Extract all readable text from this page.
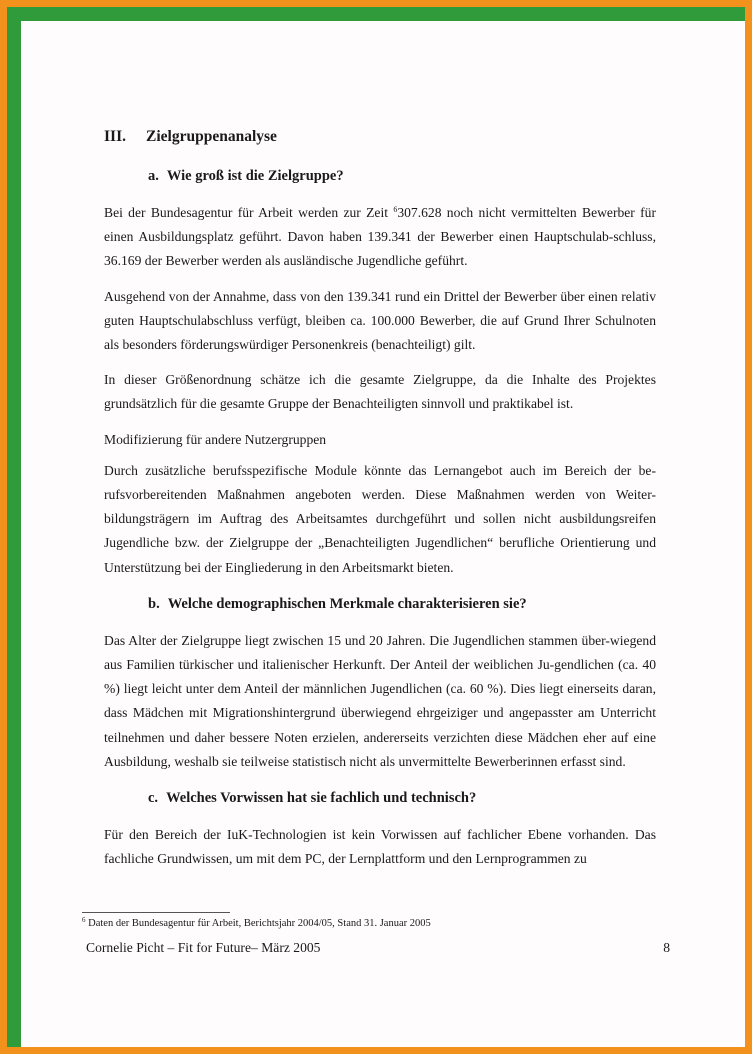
III.	Zielgruppenanalyse
a. Wie groß ist die Zielgruppe?

Bei der Bundesagentur für Arbeit werden zur Zeit $^6$307.628 noch nicht vermittelten Bewerber für einen Ausbildungsplatz geführt. Davon haben 139.341 der Bewerber einen Hauptschulab-schluss, 36.169 der Bewerber werden als ausländische Jugendliche geführt.

Ausgehend von der Annahme, dass von den 139.341 rund ein Drittel der Bewerber über einen relativ guten Hauptschulabschluss verfügt, bleiben ca. 100.000 Bewerber, die auf Grund Ihrer Schulnoten als besonders förderungswürdiger Personenkreis (benachteiligt) gilt.

In dieser Größenordnung schätze ich die gesamte Zielgruppe, da die Inhalte des Projektes grundsätzlich für die gesamte Gruppe der Benachteiligten sinnvoll und praktikabel ist.

Modifizierung für andere Nutzergruppen

Durch zusätzliche berufsspezifische Module könnte das Lernangebot auch im Bereich der be-rufsvorbereitenden Maßnahmen angeboten werden. Diese Maßnahmen werden von Weiter-bildungsträgern im Auftrag des Arbeitsamtes durchgeführt und sollen nicht ausbildungsreifen Jugendliche bzw. der Zielgruppe der „Benachteiligten Jugendlichen“ berufliche Orientierung und Unterstützung bei der Eingliederung in den Arbeitsmarkt bieten.

b. Welche demographischen Merkmale charakterisieren sie?

Das Alter der Zielgruppe liegt zwischen 15 und 20 Jahren. Die Jugendlichen stammen über-wiegend aus Familien türkischer und italienischer Herkunft. Der Anteil der weiblichen Ju-gendlichen (ca. 40 %) liegt leicht unter dem Anteil der männlichen Jugendlichen (ca. 60 %). Dies liegt einerseits daran, dass Mädchen mit Migrationshintergrund überwiegend ehrgeiziger und angepasster am Unterricht teilnehmen und daher bessere Noten erzielen, andererseits verzichten diese Mädchen eher auf eine Ausbildung, weshalb sie teilweise statistisch nicht als unvermittelte Bewerberinnen erfasst sind.

c. Welches Vorwissen hat sie fachlich und technisch?

Für den Bereich der IuK-Technologien ist kein Vorwissen auf fachlicher Ebene vorhanden. Das fachliche Grundwissen, um mit dem PC, der Lernplattform und den Lernprogrammen zu

$^6$ Daten der Bundesagentur für Arbeit, Berichtsjahr 2004/05, Stand 31. Januar 2005
Cornelie Picht – Fit for Future– März 2005	8
